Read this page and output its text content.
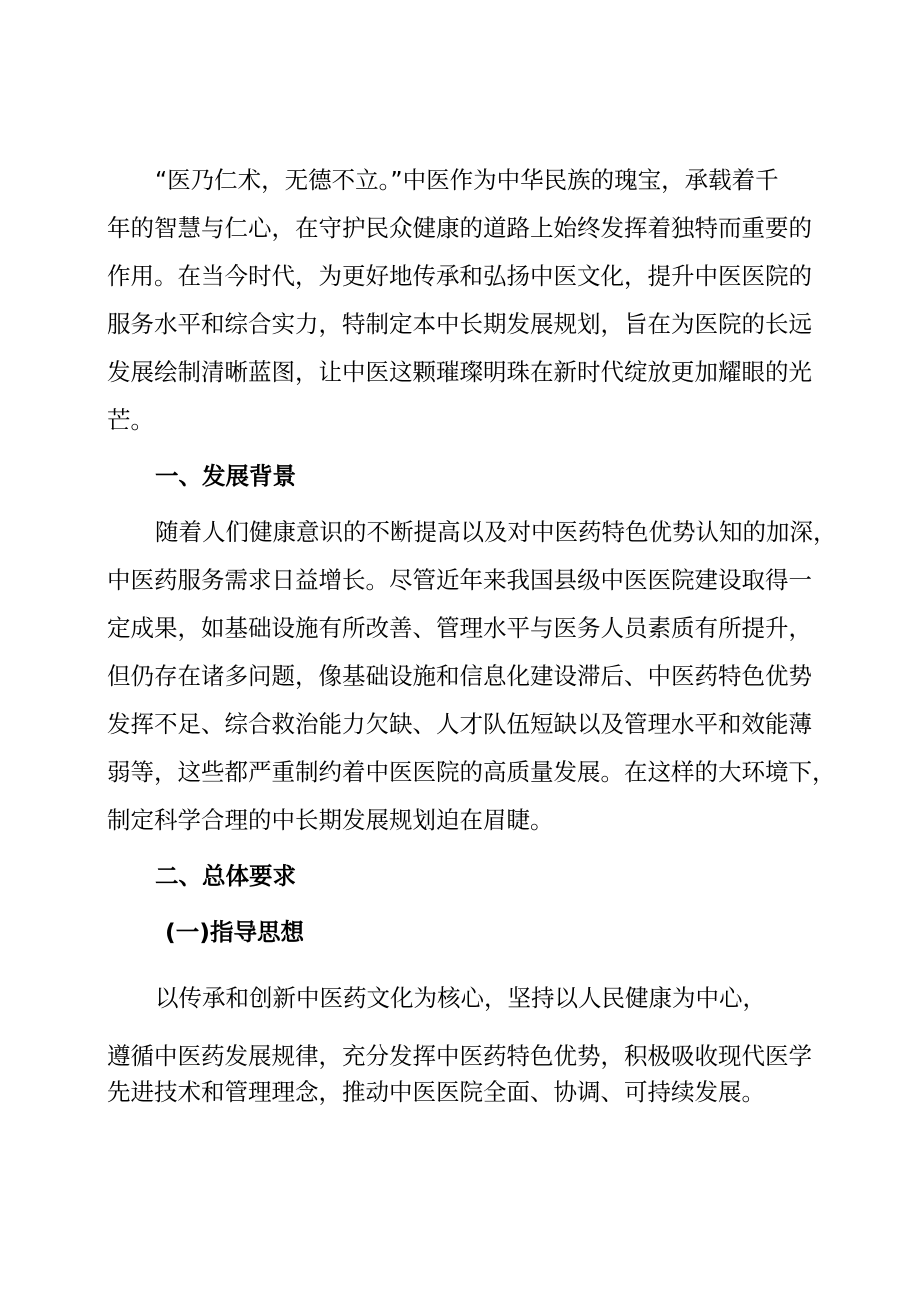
“医乃仁术，无德不立。”中医作为中华民族的瑰宝，承载着千
年的智慧与仁心，在守护民众健康的道路上始终发挥着独特而重要的
作用。在当今时代，为更好地传承和弘扬中医文化，提升中医医院的
服务水平和综合实力，特制定本中长期发展规划，旨在为医院的长远
发展绘制清晰蓝图，让中医这颗璀璨明珠在新时代绽放更加耀眼的光
芒。
一、发展背景
随着人们健康意识的不断提高以及对中医药特色优势认知的加深，
中医药服务需求日益增长。尽管近年来我国县级中医医院建设取得一
定成果，如基础设施有所改善、管理水平与医务人员素质有所提升，
但仍存在诸多问题，像基础设施和信息化建设滞后、中医药特色优势
发挥不足、综合救治能力欠缺、人才队伍短缺以及管理水平和效能薄
弱等，这些都严重制约着中医医院的高质量发展。在这样的大环境下，
制定科学合理的中长期发展规划迫在眉睫。
二、总体要求
(一)指导思想
以传承和创新中医药文化为核心，坚持以人民健康为中心，
遵循中医药发展规律，充分发挥中医药特色优势，积极吸收现代医学
先进技术和管理理念，推动中医医院全面、协调、可持续发展。
